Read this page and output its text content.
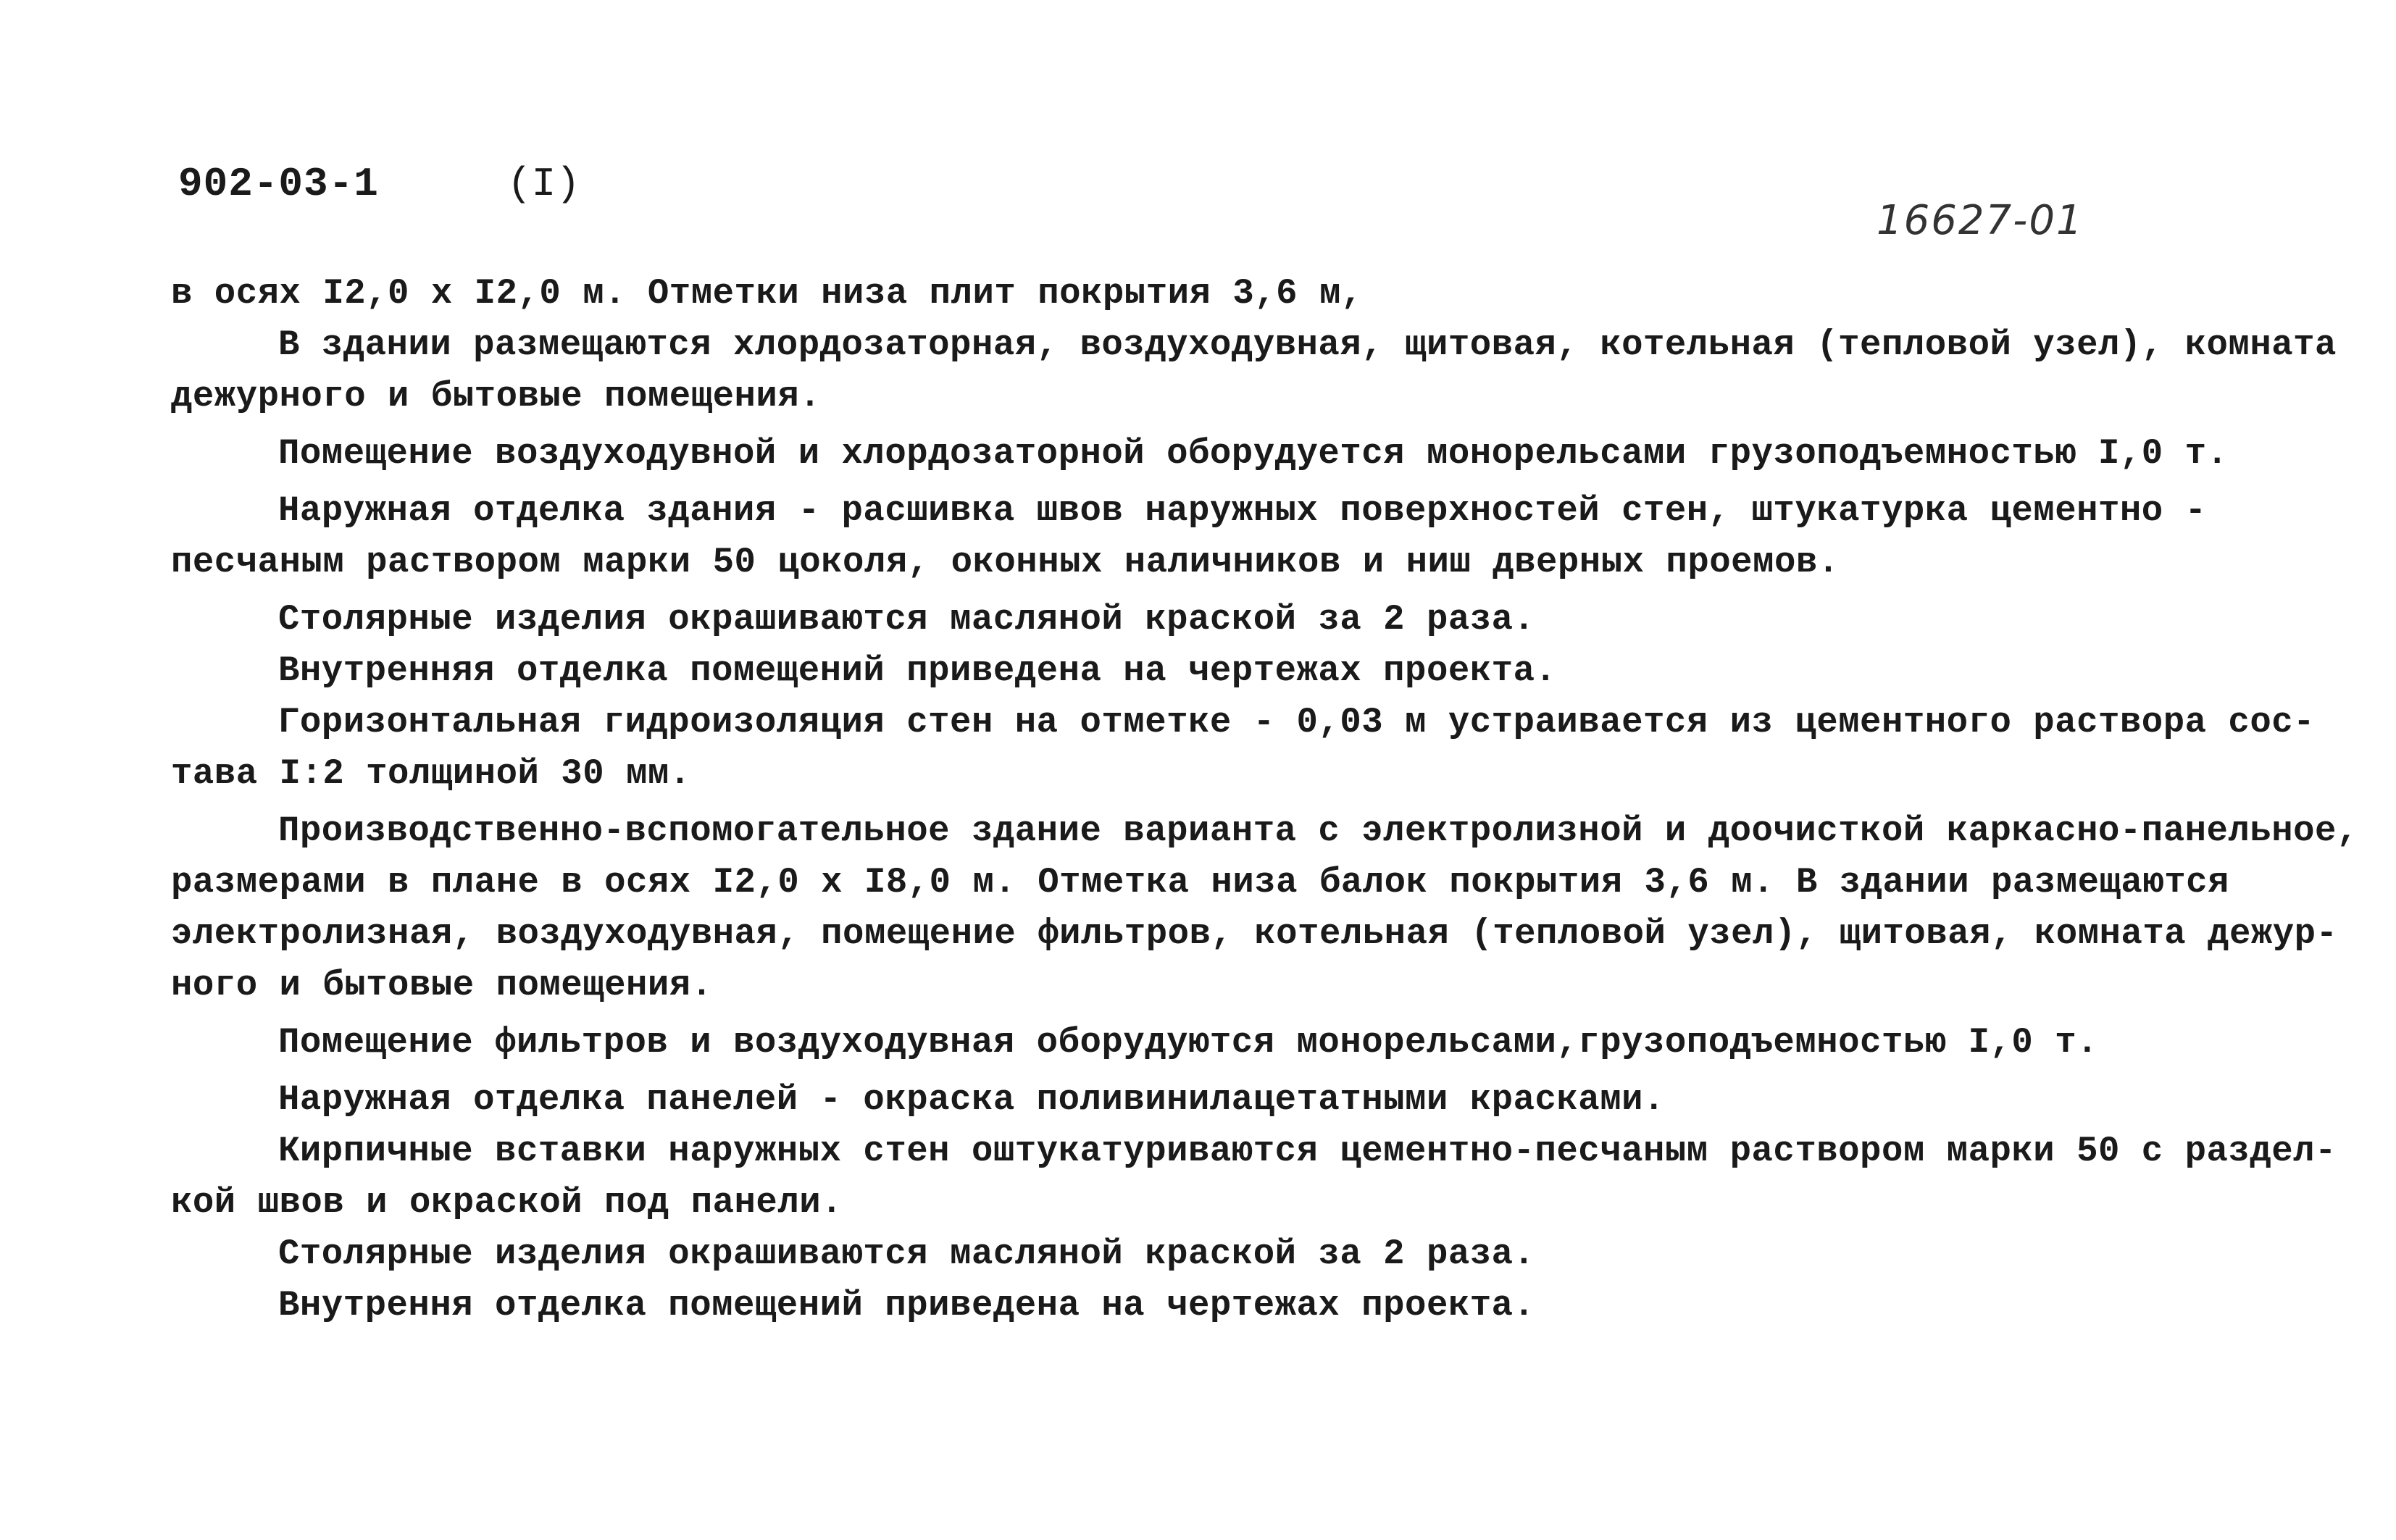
902-03-1	(I)
16627-01
в осях I2,0 х I2,0 м. Отметки низа плит покрытия 3,6 м,
В здании размещаются хлордозаторная, воздуходувная, щитовая, котельная (тепловой узел), комната
дежурного и бытовые помещения.
Помещение воздуходувной и хлордозаторной оборудуется монорельсами грузоподъемностью I,0 т.
Наружная отделка здания - расшивка швов наружных поверхностей стен, штукатурка цементно -
песчаным раствором марки 50 цоколя, оконных наличников и ниш дверных проемов.
Столярные изделия окрашиваются масляной краской за 2 раза.
Внутренняя отделка помещений приведена на чертежах проекта.
Горизонтальная гидроизоляция стен на отметке - 0,03 м устраивается из цементного раствора сос-
тава I:2 толщиной 30 мм.
Производственно-вспомогательное здание варианта с электролизной и доочисткой каркасно-панельное,
размерами в плане в осях I2,0 х I8,0 м. Отметка низа балок покрытия 3,6 м. В здании размещаются
электролизная, воздуходувная, помещение фильтров, котельная (тепловой узел), щитовая, комната дежур-
ного и бытовые помещения.
Помещение фильтров и воздуходувная оборудуются монорельсами,грузоподъемностью I,0 т.
Наружная отделка панелей - окраска поливинилацетатными красками.
Кирпичные вставки наружных стен оштукатуриваются цементно-песчаным раствором марки 50 с раздел-
кой швов и окраской под панели.
Столярные изделия окрашиваются масляной краской за 2 раза.
Внутрення отделка помещений приведена на чертежах проекта.
